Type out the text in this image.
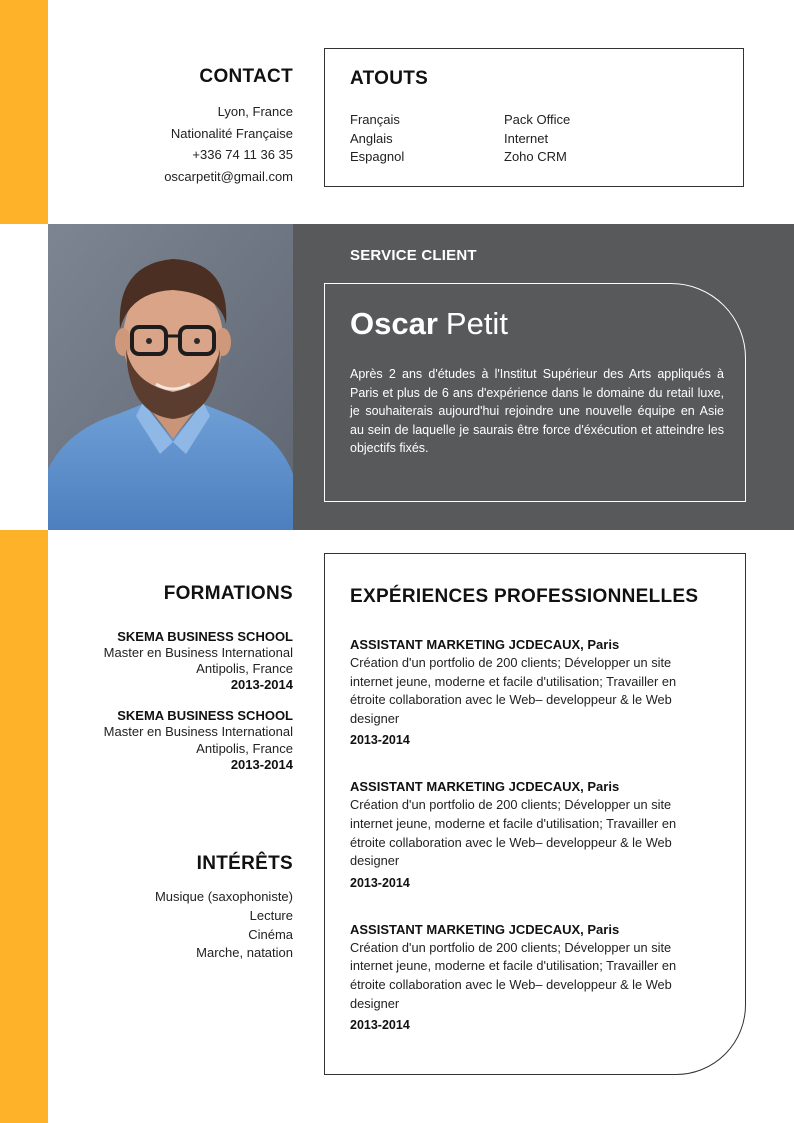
CONTACT
Lyon, France
Nationalité Française
+336 74 11 36 35
oscarpetit@gmail.com
ATOUTS
Français
Anglais
Espagnol
Pack Office
Internet
Zoho CRM
SERVICE CLIENT
Oscar Petit
Après 2 ans d'études à l'Institut Supérieur des Arts appliqués à Paris et plus de 6 ans d'expérience dans le domaine du retail luxe, je souhaiterais aujourd'hui rejoindre une nouvelle équipe en Asie au sein de laquelle je saurais être force d'éxécution et atteindre les objectifs fixés.
FORMATIONS
SKEMA BUSINESS SCHOOL
Master en Business International
Antipolis, France
2013-2014
SKEMA BUSINESS SCHOOL
Master en Business International
Antipolis, France
2013-2014
INTÉRÊTS
Musique (saxophoniste)
Lecture
Cinéma
Marche, natation
EXPÉRIENCES PROFESSIONNELLES
ASSISTANT MARKETING JCDECAUX, Paris
Création d'un portfolio de 200 clients; Développer un site internet jeune, moderne et facile d'utilisation; Travailler en étroite collaboration avec le Web– developpeur & le Web designer
2013-2014
ASSISTANT MARKETING JCDECAUX, Paris
Création d'un portfolio de 200 clients; Développer un site internet jeune, moderne et facile d'utilisation; Travailler en étroite collaboration avec le Web– developpeur & le Web designer
2013-2014
ASSISTANT MARKETING JCDECAUX, Paris
Création d'un portfolio de 200 clients; Développer un site internet jeune, moderne et facile d'utilisation; Travailler en étroite collaboration avec le Web– developpeur & le Web designer
2013-2014
